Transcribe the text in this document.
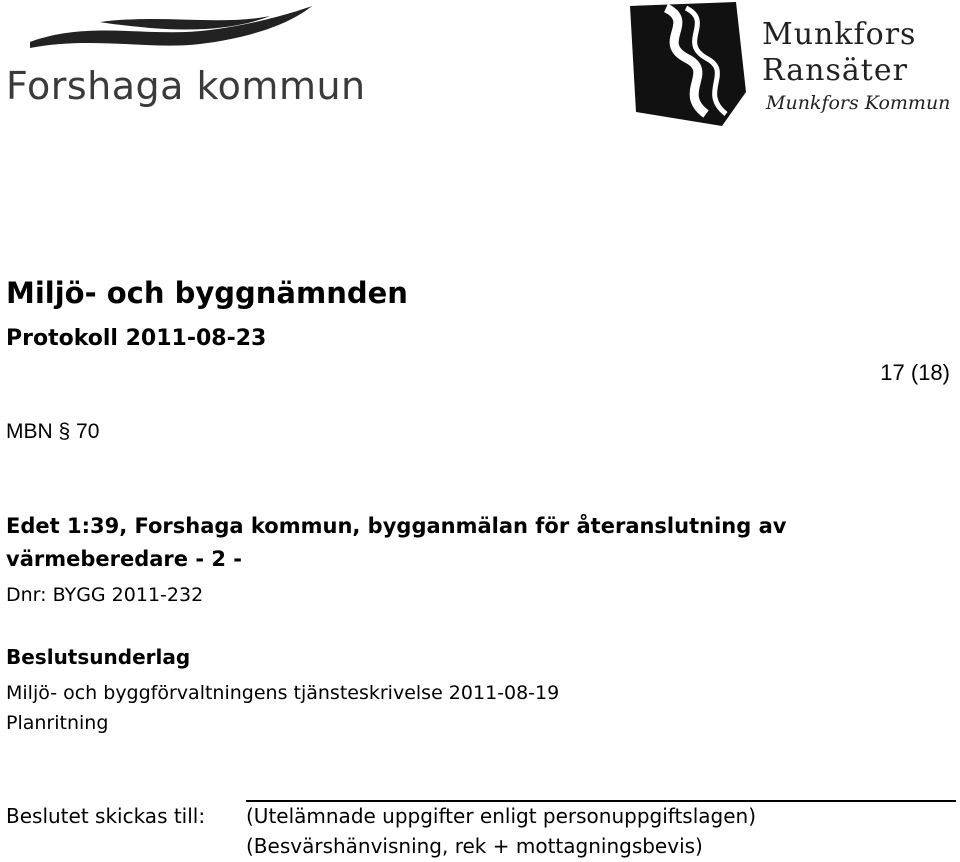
Forshaga kommun
Munkfors
Ransäter
Munkfors Kommun
Miljö- och byggnämnden
Protokoll 2011-08-23
17 (18)
MBN § 70
Edet 1:39, Forshaga kommun, bygganmälan för återanslutning av värmeberedare - 2 -
Dnr: BYGG 2011-232
Beslutsunderlag
Miljö- och byggförvaltningens tjänsteskrivelse 2011-08-19
Planritning
Beslutet skickas till: (Utelämnade uppgifter enligt personuppgiftslagen)
(Besvärshänvisning, rek + mottagningsbevis)
